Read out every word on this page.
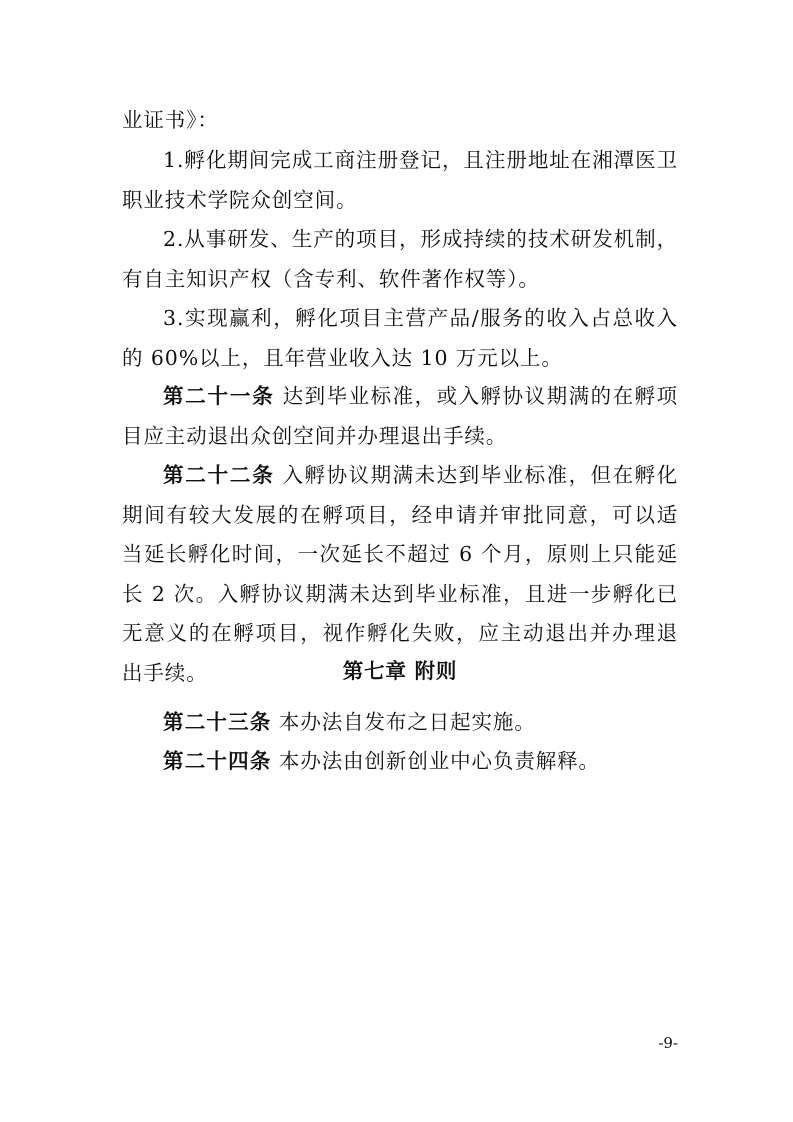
业证书》：

1.孵化期间完成工商注册登记，且注册地址在湘潭医卫职业技术学院众创空间。

2.从事研发、生产的项目，形成持续的技术研发机制，有自主知识产权（含专利、软件著作权等）。

3.实现赢利，孵化项目主营产品/服务的收入占总收入的 60%以上，且年营业收入达 10 万元以上。

第二十一条 达到毕业标准，或入孵协议期满的在孵项目应主动退出众创空间并办理退出手续。

第二十二条 入孵协议期满未达到毕业标准，但在孵化期间有较大发展的在孵项目，经申请并审批同意，可以适当延长孵化时间，一次延长不超过 6 个月，原则上只能延长 2 次。入孵协议期满未达到毕业标准，且进一步孵化已无意义的在孵项目，视作孵化失败，应主动退出并办理退出手续。	第七章 附则

第二十三条 本办法自发布之日起实施。

第二十四条 本办法由创新创业中心负责解释。

-9-
